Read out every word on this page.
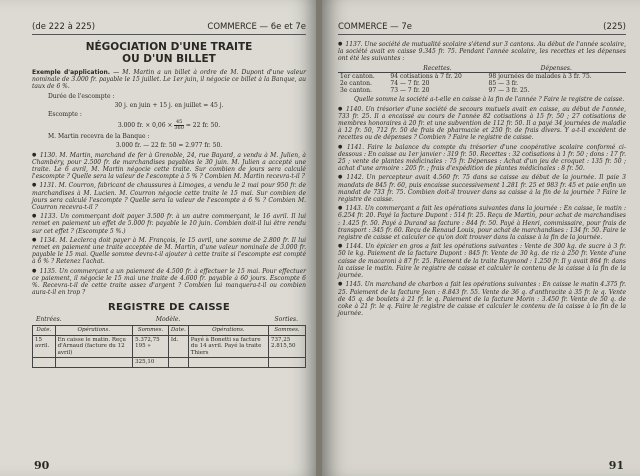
(de 222 à 225)	COMMERCE — 6e et 7e
NÉGOCIATION D'UNE TRAITE
OU D'UN BILLET

Exemple d'application. — M. Martin a un billet à ordre de M. Dupont d'une valeur nominale de 3.000 fr. payable le 15 juillet. Le 1er juin, il négocie ce billet à la Banque, au taux de 6 %.

Durée de l'escompte :

30 j. en juin + 15 j. en juillet = 45 j.

Escompte :

3.000 fr. × $0,06 \times \frac{45}{360} = 22$ fr. 50.

M. Martin recevra de la Banque :

3.000 fr. — 22 fr. 50 = 2.977 fr. 50.

● 1130. M. Martin, marchand de fer à Grenoble, 24, rue Bayard, a vendu à M. Julien, à Chambéry, pour 2.500 fr. de marchandises payables le 30 juin. M. Julien a accepté une traite. Le 6 avril, M. Martin négocie cette traite. Sur combien de jours sera calculé l'escompte ? Quelle sera la valeur de l'escompte à 5 % ? Combien M. Martin recevra-t-il ?

● 1131. M. Courron, fabricant de chaussures à Limoges, a vendu le 2 mai pour 950 fr. de marchandises à M. Lucien. M. Courron négocie cette traite le 15 mai. Sur combien de jours sera calculé l'escompte ? Quelle sera la valeur de l'escompte à 6 % ? Combien M. Courron recevra-t-il ?

● 1133. Un commerçant doit payer 3.500 fr. à un autre commerçant, le 16 avril. Il lui remet en paiement un effet de 5.000 fr. payable le 10 juin. Combien doit-il lui être rendu sur cet effet ? (Escompte 5 %.)

● 1134. M. Leclercq doit payer à M. François, le 15 avril, une somme de 2.800 fr. Il lui remet en paiement une traite acceptée de M. Martin, d'une valeur nominale de 3.000 fr. payable le 15 mai. Quelle somme devra-t-il ajouter à cette traite si l'escompte est compté à 6 % ? Retenez l'achat.

● 1135. Un commerçant a un paiement de 4.500 fr. à effectuer le 15 mai. Pour effectuer ce paiement, il négocie le 15 mai une traite de 4.600 fr. payable à 60 jours. Escompte 6 %. Recevra-t-il de cette traite assez d'argent ? Combien lui manquera-t-il ou combien aura-t-il en trop ?

REGISTRE DE CAISSE
Entrées.	Modèle.	Sorties.
Date.	Opérations.	Sommes.	Date.	Opérations.	Sommes.
15 avril.	En caisse le matin. Reçu d'Arnaud (facture du 12 avril)	5.372,75 195 »	Id.	Payé à Bonetti sa facture du 14 avril. Payé la traite Thiers	737,25 2.815,50
		325,10			
90
COMMERCE — 7e	(225)

● 1137. Une société de mutualité scolaire s'étend sur 3 cantons. Au début de l'année scolaire, la société avait en caisse 9.345 fr. 75. Pendant l'année scolaire, les recettes et les dépenses ont été les suivantes :

	Recettes.	Dépenses.
1er canton.	94 cotisations à 7 fr. 20	98 journées de malades à 3 fr. 75.
2e canton.	74 — 7 fr. 20	85 — 3 fr.
3e canton.	73 — 7 fr. 20	97 — 3 fr. 25.

Quelle somme la société a-t-elle en caisse à la fin de l'année ? Faire le registre de caisse.

● 1140. Un trésorier d'une société de secours mutuels avait en caisse, au début de l'année, 733 fr. 25. Il a encaissé au cours de l'année 82 cotisations à 15 fr. 50 ; 27 cotisations de membres honoraires à 20 fr. et une subvention de 112 fr. 50. Il a payé 34 journées de maladie à 12 fr. 50, 712 fr. 50 de frais de pharmacie et 250 fr. de frais divers. Y a-t-il excédent de recettes ou de dépenses ? Combien ? Faire le registre de caisse.

● 1141. Faire la balance du compte du trésorier d'une coopérative scolaire conformé ci-dessous : En caisse au 1er janvier : 319 fr. 50. Recettes : 32 cotisations à 1 fr. 50 ; dons : 17 fr. 25 ; vente de plantes médicinales : 75 fr. Dépenses : Achat d'un jeu de croquet : 135 fr. 50 ; achat d'une armoire : 205 fr. ; frais d'expédition de plantes médicinales : 8 fr. 50.

● 1142. Un percepteur avait 4.560 fr. 75 dans sa caisse au début de la journée. Il paie 3 mandats de 845 fr. 60, puis encaisse successivement 1.281 fr. 25 et 983 fr. 45 et paie enfin un mandat de 733 fr. 75. Combien doit-il trouver dans sa caisse à la fin de la journée ? Faire le registre de caisse.

● 1143. Un commerçant a fait les opérations suivantes dans la journée : En caisse, le matin : 6.254 fr. 20. Payé la facture Dupont : 514 fr. 25. Reçu de Martin, pour achat de marchandises : 1.425 fr. 50. Payé à Durand sa facture : 844 fr. 50. Payé à Henri, commissaire, pour frais de transport : 345 fr. 60. Reçu de Renaud Louis, pour achat de marchandises : 134 fr. 50. Faire le registre de caisse et calculer ce qu'on doit trouver dans la caisse à la fin de la journée.

● 1144. Un épicier en gros a fait les opérations suivantes : Vente de 300 kg. de sucre à 3 fr. 50 le kg. Paiement de la facture Dupont : 845 fr. Vente de 30 kg. de riz à 250 fr. Vente d'une caisse de macaroni à 87 fr. 25. Paiement de la traite Raymond : 1.250 fr. Il y avait 864 fr. dans la caisse le matin. Faire le registre de caisse et calculer le contenu de la caisse à la fin de la journée.

● 1145. Un marchand de charbon a fait les opérations suivantes : En caisse le matin 4.375 fr. 25. Paiement de la facture Jean : 8.843 fr. 55. Vente de 36 q. d'anthracite à 35 fr. le q. Vente de 45 q. de boulets à 21 fr. le q. Paiement de la facture Morin : 3.450 fr. Vente de 50 q. de coke à 21 fr. le q. Faire le registre de caisse et calculer le contenu de la caisse à la fin de la journée.

91
